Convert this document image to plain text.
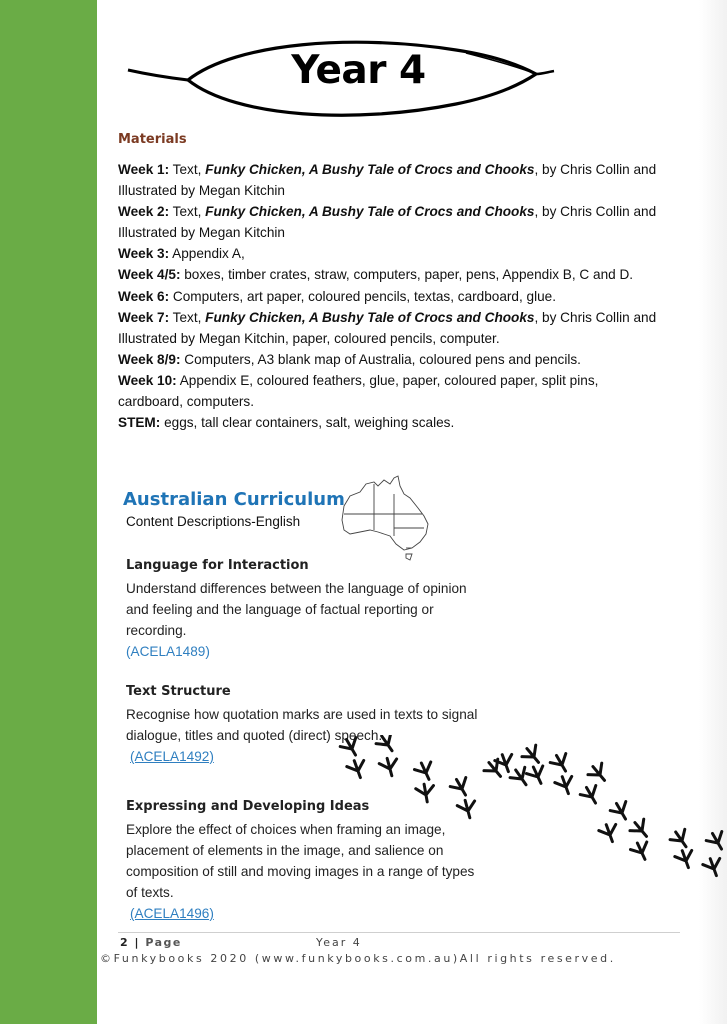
Year 4
Materials
Week 1: Text, Funky Chicken, A Bushy Tale of Crocs and Chooks, by Chris Collin and
Illustrated by Megan Kitchin
Week 2: Text, Funky Chicken, A Bushy Tale of Crocs and Chooks, by Chris Collin and
Illustrated by Megan Kitchin
Week 3: Appendix A,
Week 4/5: boxes, timber crates, straw, computers, paper, pens, Appendix B, C and D.
Week 6: Computers, art paper, coloured pencils, textas, cardboard, glue.
Week 7: Text, Funky Chicken, A Bushy Tale of Crocs and Chooks, by Chris Collin and
Illustrated by Megan Kitchin, paper, coloured pencils, computer.
Week 8/9: Computers, A3 blank map of Australia, coloured pens and pencils.
Week 10: Appendix E, coloured feathers, glue, paper, coloured paper, split pins,
cardboard, computers.
STEM: eggs, tall clear containers, salt, weighing scales.
Australian Curriculum
Content Descriptions-English
Language for Interaction
Understand differences between the language of opinion
and feeling and the language of factual reporting or
recording.
(ACELA1489)
Text Structure
Recognise how quotation marks are used in texts to signal
dialogue, titles and quoted (direct) speech.
(ACELA1492)
Expressing and Developing Ideas
Explore the effect of choices when framing an image,
placement of elements in the image, and salience on
composition of still and moving images in a range of types
of texts.
(ACELA1496)
2 | Page	Year 4
©Funkybooks 2020 (www.funkybooks.com.au)All rights reserved.
